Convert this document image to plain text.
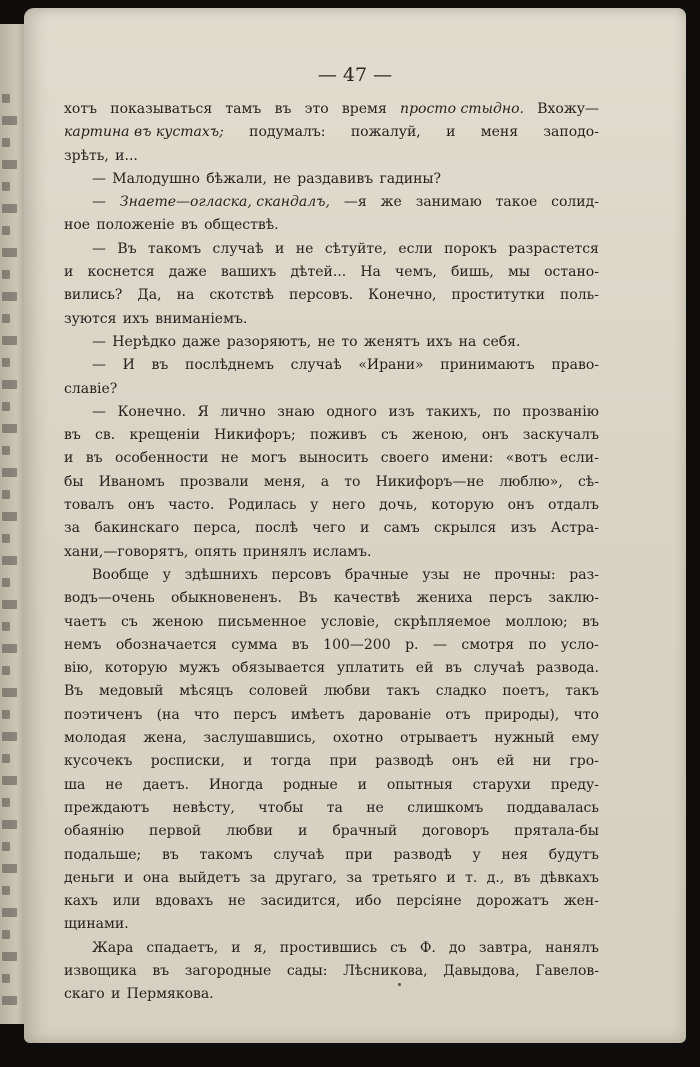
— 47 —
хотъ показываться тамъ въ это время просто стыдно. Вхожу—
картина въ кустахъ; подумалъ: пожалуй, и меня заподо-
зрѣть, и...
— Малодушно бѣжали, не раздавивъ гадины?
— Знаете—огласка, скандалъ, —я же занимаю такое солид-
ное положеніе въ обществѣ.
— Въ такомъ случаѣ и не сѣтуйте, если порокъ разрастется
и коснется даже вашихъ дѣтей... На чемъ, бишь, мы остано-
вились? Да, на скотствѣ персовъ. Конечно, проститутки поль-
зуются ихъ вниманіемъ.
— Нерѣдко даже разоряютъ, не то женятъ ихъ на себя.
— И въ послѣднемъ случаѣ «Ирани» принимаютъ право-
славіе?
— Конечно. Я лично знаю одного изъ такихъ, по прозванію
въ св. крещеніи Никифоръ; поживъ съ женою, онъ заскучалъ
и въ особенности не могъ выносить своего имени: «вотъ если-
бы Иваномъ прозвали меня, а то Никифоръ—не люблю», сѣ-
товалъ онъ часто. Родилась у него дочь, которую онъ отдалъ
за бакинскаго перса, послѣ чего и самъ скрылся изъ Астра-
хани,—говорятъ, опять принялъ исламъ.
Вообще у здѣшнихъ персовъ брачные узы не прочны: раз-
водъ—очень обыкновененъ. Въ качествѣ жениха персъ заклю-
чаетъ съ женою письменное условіе, скрѣпляемое моллою; въ
немъ обозначается сумма въ 100—200 р. — смотря по усло-
вію, которую мужъ обязывается уплатить ей въ случаѣ развода.
Въ медовый мѣсяцъ соловей любви такъ сладко поетъ, такъ
поэтиченъ (на что персъ имѣетъ дарованіе отъ природы), что
молодая жена, заслушавшись, охотно отрываетъ нужный ему
кусочекъ росписки, и тогда при разводѣ онъ ей ни гро-
ша не даетъ. Иногда родные и опытныя старухи преду-
преждаютъ невѣсту, чтобы та не слишкомъ поддавалась
обаянію первой любви и брачный договоръ прятала-бы
подальше; въ такомъ случаѣ при разводѣ у нея будутъ
деньги и она выйдетъ за другаго, за третьяго и т. д., въ дѣвкахъ
кахъ или вдовахъ не засидится, ибо персіяне дорожатъ жен-
щинами.
Жара спадаетъ, и я, простившись съ Ф. до завтра, нанялъ
извощика въ загородные сады: Лѣсникова, Давыдова, Гавелов-
скаго и Пермякова.
